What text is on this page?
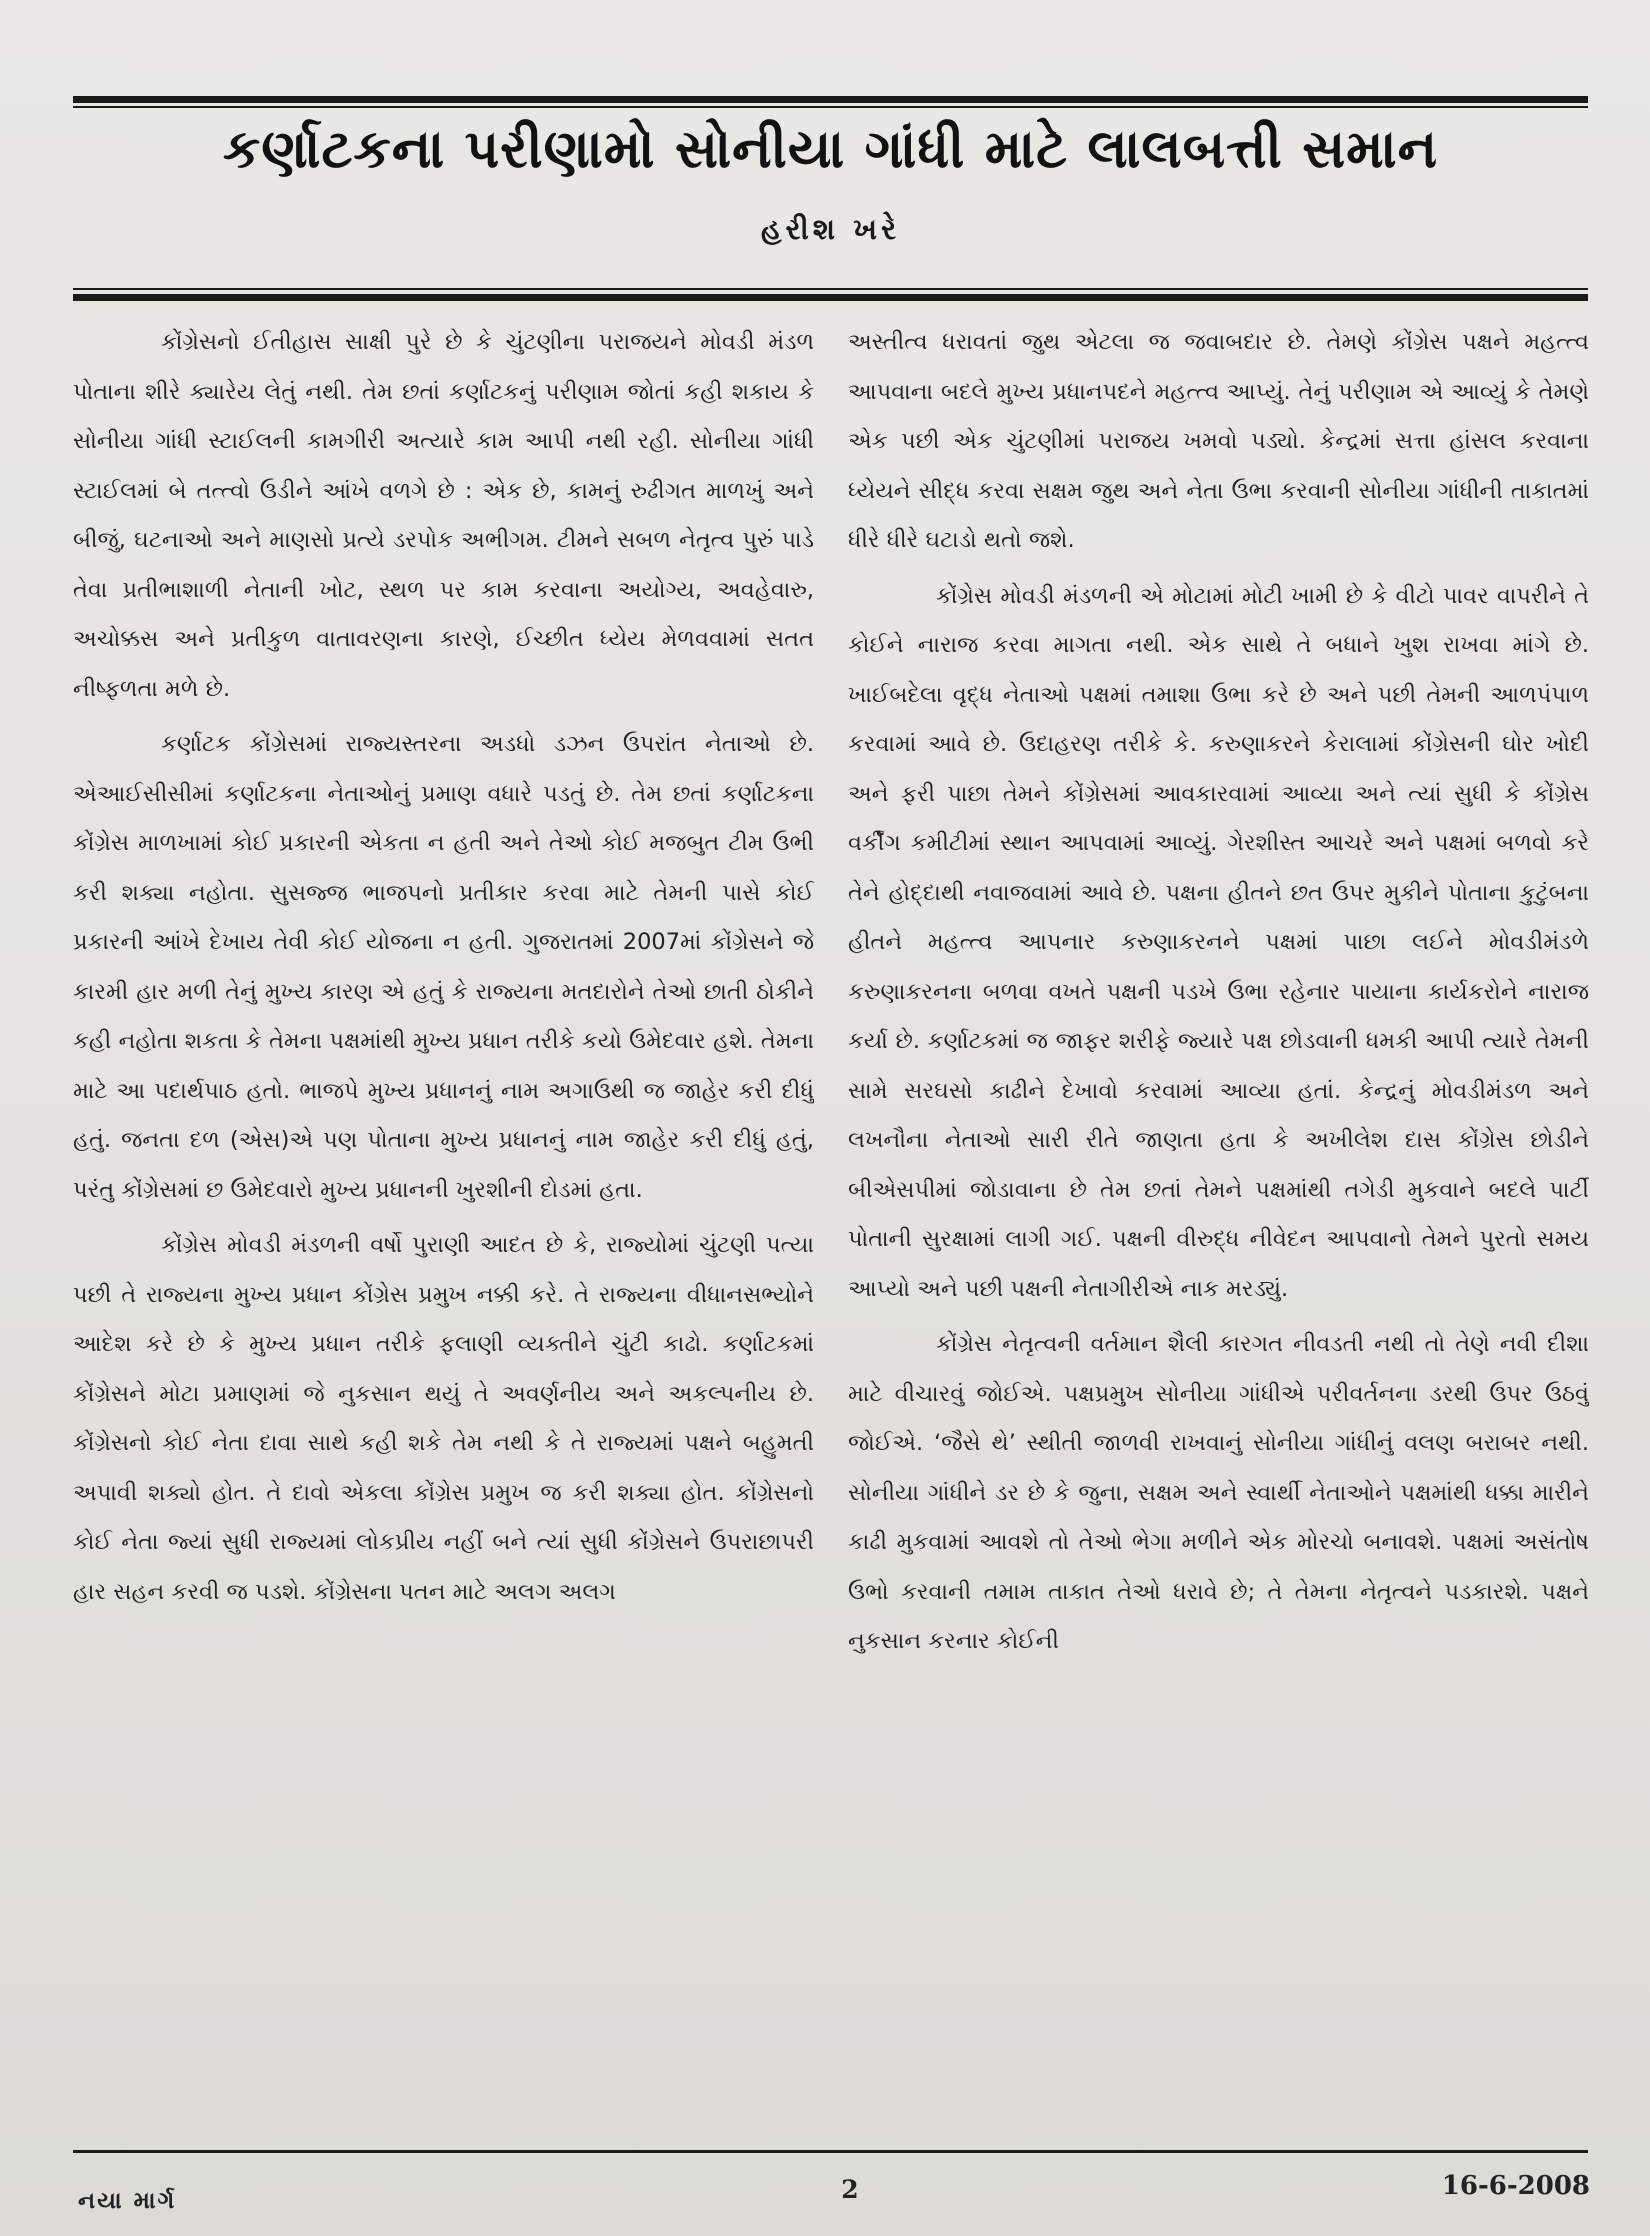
કર્ણાટકના પરીણામો સોનીયા ગાંધી માટે લાલબત્તી સમાન
હરીશ ખરે

કોંગ્રેસનો ઈતીહાસ સાક્ષી પુરે છે કે ચુંટણીના પરાજયને મોવડી મંડળ પોતાના શીરે ક્યારેય લેતું નથી. તેમ છતાં કર્ણાટકનું પરીણામ જોતાં કહી શકાય કે સોનીયા ગાંધી સ્ટાઈલની કામગીરી અત્યારે કામ આપી નથી રહી. સોનીયા ગાંધી સ્ટાઈલમાં બે તત્ત્વો ઉડીને આંખે વળગે છે : એક છે, કામનું રુઢીગત માળખું અને બીજું, ઘટનાઓ અને માણસો પ્રત્યે ડરપોક અભીગમ. ટીમને સબળ નેતૃત્વ પુરું પાડે તેવા પ્રતીભાશાળી નેતાની ખોટ, સ્થળ પર કામ કરવાના અયોગ્ય, અવહેવારુ, અચોક્કસ અને પ્રતીકુળ વાતાવરણના કારણે, ઈચ્છીત ધ્યેય મેળવવામાં સતત નીષ્ફળતા મળે છે.

કર્ણાટક કોંગ્રેસમાં રાજ્યસ્તરના અડધો ડઝન ઉપરાંત નેતાઓ છે. એઆઈસીસીમાં કર્ણાટકના નેતાઓનું પ્રમાણ વધારે પડતું છે. તેમ છતાં કર્ણાટકના કોંગ્રેસ માળખામાં કોઈ પ્રકારની એકતા ન હતી અને તેઓ કોઈ મજબુત ટીમ ઉભી કરી શક્યા નહોતા. સુસજ્જ ભાજપનો પ્રતીકાર કરવા માટે તેમની પાસે કોઈ પ્રકારની આંખે દેખાય તેવી કોઈ યોજના ન હતી. ગુજરાતમાં 2007માં કોંગ્રેસને જે કારમી હાર મળી તેનું મુખ્ય કારણ એ હતું કે રાજ્યના મતદારોને તેઓ છાતી ઠોકીને કહી નહોતા શકતા કે તેમના પક્ષમાંથી મુખ્ય પ્રધાન તરીકે કયો ઉમેદવાર હશે. તેમના માટે આ પદાર્થપાઠ હતો. ભાજપે મુખ્ય પ્રધાનનું નામ અગાઉથી જ જાહેર કરી દીધું હતું. જનતા દળ (એસ)એ પણ પોતાના મુખ્ય પ્રધાનનું નામ જાહેર કરી દીધું હતું, પરંતુ કોંગ્રેસમાં છ ઉમેદવારો મુખ્ય પ્રધાનની ખુરશીની દોડમાં હતા.

કોંગ્રેસ મોવડી મંડળની વર્ષો પુરાણી આદત છે કે, રાજ્યોમાં ચુંટણી પત્યા પછી તે રાજ્યના મુખ્ય પ્રધાન કોંગ્રેસ પ્રમુખ નક્કી કરે. તે રાજ્યના વીધાનસભ્યોને આદેશ કરે છે કે મુખ્ય પ્રધાન તરીકે ફલાણી વ્યક્તીને ચુંટી કાઢો. કર્ણાટકમાં કોંગ્રેસને મોટા પ્રમાણમાં જે નુકસાન થયું તે અવર્ણનીય અને અકલ્પનીય છે. કોંગ્રેસનો કોઈ નેતા દાવા સાથે કહી શકે તેમ નથી કે તે રાજ્યમાં પક્ષને બહુમતી અપાવી શક્યો હોત. તે દાવો એકલા કોંગ્રેસ પ્રમુખ જ કરી શક્યા હોત. કોંગ્રેસનો કોઈ નેતા જ્યાં સુધી રાજ્યમાં લોકપ્રીય નહીં બને ત્યાં સુધી કોંગ્રેસને ઉપરાછાપરી હાર સહન કરવી જ પડશે. કોંગ્રેસના પતન માટે અલગ અલગ

અસ્તીત્વ ધરાવતાં જુથ એટલા જ જવાબદાર છે. તેમણે કોંગ્રેસ પક્ષને મહત્ત્વ આપવાના બદલે મુખ્ય પ્રધાનપદને મહત્ત્વ આપ્યું. તેનું પરીણામ એ આવ્યું કે તેમણે એક પછી એક ચુંટણીમાં પરાજય ખમવો પડ્યો. કેન્દ્રમાં સત્તા હાંસલ કરવાના ધ્યેયને સીદ્ધ કરવા સક્ષમ જુથ અને નેતા ઉભા કરવાની સોનીયા ગાંધીની તાકાતમાં ધીરે ધીરે ઘટાડો થતો જશે.

કોંગ્રેસ મોવડી મંડળની એ મોટામાં મોટી ખામી છે કે વીટો પાવર વાપરીને તે કોઈને નારાજ કરવા માગતા નથી. એક સાથે તે બધાને ખુશ રાખવા માંગે છે. ખાઈબદેલા વૃદ્ધ નેતાઓ પક્ષમાં તમાશા ઉભા કરે છે અને પછી તેમની આળપંપાળ કરવામાં આવે છે. ઉદાહરણ તરીકે કે. કરુણાકરને કેરાલામાં કોંગ્રેસની ઘોર ખોદી અને ફરી પાછા તેમને કોંગ્રેસમાં આવકારવામાં આવ્યા અને ત્યાં સુધી કે કોંગ્રેસ વર્કીંગ કમીટીમાં સ્થાન આપવામાં આવ્યું. ગેરશીસ્ત આચરે અને પક્ષમાં બળવો કરે તેને હોદ્દાથી નવાજવામાં આવે છે. પક્ષના હીતને છત ઉપર મુકીને પોતાના કુટુંબના હીતને મહત્ત્વ આપનાર કરુણાકરનને પક્ષમાં પાછા લઈને મોવડીમંડળે કરુણાકરનના બળવા વખતે પક્ષની પડખે ઉભા રહેનાર પાયાના કાર્યકરોને નારાજ કર્યા છે. કર્ણાટકમાં જ જાફર શરીફે જ્યારે પક્ષ છોડવાની ધમકી આપી ત્યારે તેમની સામે સરઘસો કાઢીને દેખાવો કરવામાં આવ્યા હતાં. કેન્દ્રનું મોવડીમંડળ અને લખનૌના નેતાઓ સારી રીતે જાણતા હતા કે અખીલેશ દાસ કોંગ્રેસ છોડીને બીએસપીમાં જોડાવાના છે તેમ છતાં તેમને પક્ષમાંથી તગેડી મુકવાને બદલે પાર્ટી પોતાની સુરક્ષામાં લાગી ગઈ. પક્ષની વીરુદ્ધ નીવેદન આપવાનો તેમને પુરતો સમય આપ્યો અને પછી પક્ષની નેતાગીરીએ નાક મરડ્યું.

કોંગ્રેસ નેતૃત્વની વર્તમાન શૈલી કારગત નીવડતી નથી તો તેણે નવી દીશા માટે વીચારવું જોઈએ. પક્ષપ્રમુખ સોનીયા ગાંધીએ પરીવર્તનના ડરથી ઉપર ઉઠવું જોઈએ. ‘જૈસે થે’ સ્થીતી જાળવી રાખવાનું સોનીયા ગાંધીનું વલણ બરાબર નથી. સોનીયા ગાંધીને ડર છે કે જુના, સક્ષમ અને સ્વાર્થી નેતાઓને પક્ષમાંથી ધક્કા મારીને કાઢી મુકવામાં આવશે તો તેઓ ભેગા મળીને એક મોરચો બનાવશે. પક્ષમાં અસંતોષ ઉભો કરવાની તમામ તાકાત તેઓ ધરાવે છે; તે તેમના નેતૃત્વને પડકારશે. પક્ષને નુકસાન કરનાર કોઈની

નયા માર્ગ	2	16-6-2008
